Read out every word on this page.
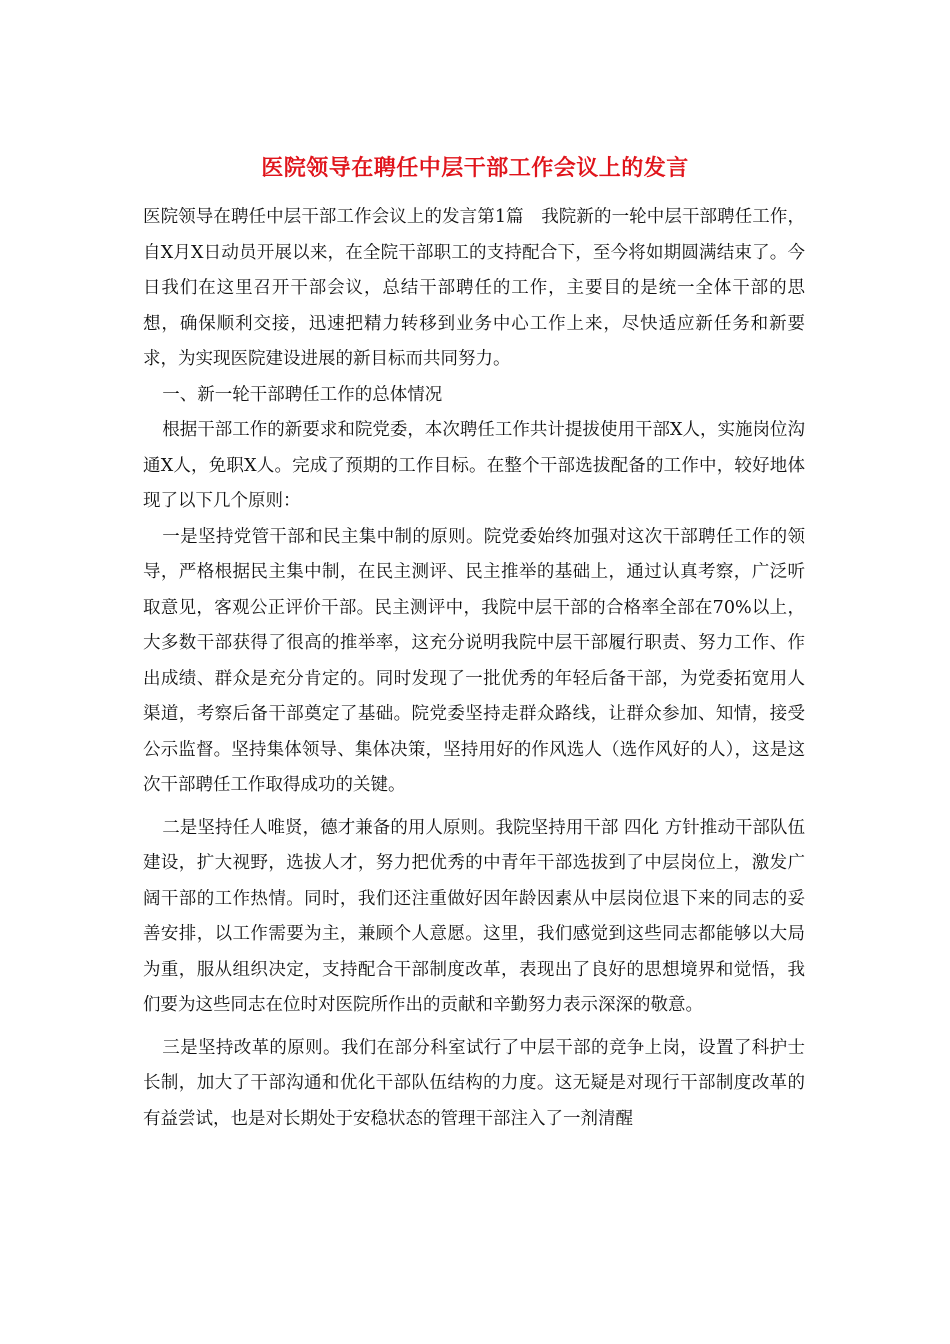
医院领导在聘任中层干部工作会议上的发言

医院领导在聘任中层干部工作会议上的发言第1篇　我院新的一轮中层干部聘任工作，自X月X日动员开展以来，在全院干部职工的支持配合下，至今将如期圆满结束了。今日我们在这里召开干部会议，总结干部聘任的工作，主要目的是统一全体干部的思想，确保顺利交接，迅速把精力转移到业务中心工作上来，尽快适应新任务和新要求，为实现医院建设进展的新目标而共同努力。

一、新一轮干部聘任工作的总体情况

根据干部工作的新要求和院党委，本次聘任工作共计提拔使用干部X人，实施岗位沟通X人，免职X人。完成了预期的工作目标。在整个干部选拔配备的工作中，较好地体现了以下几个原则：

一是坚持党管干部和民主集中制的原则。院党委始终加强对这次干部聘任工作的领导，严格根据民主集中制，在民主测评、民主推举的基础上，通过认真考察，广泛听取意见，客观公正评价干部。民主测评中，我院中层干部的合格率全部在70%以上，大多数干部获得了很高的推举率，这充分说明我院中层干部履行职责、努力工作、作出成绩、群众是充分肯定的。同时发现了一批优秀的年轻后备干部，为党委拓宽用人渠道，考察后备干部奠定了基础。院党委坚持走群众路线，让群众参加、知情，接受公示监督。坚持集体领导、集体决策，坚持用好的作风选人（选作风好的人），这是这次干部聘任工作取得成功的关键。

二是坚持任人唯贤，德才兼备的用人原则。我院坚持用干部 四化 方针推动干部队伍建设，扩大视野，选拔人才，努力把优秀的中青年干部选拔到了中层岗位上，激发广阔干部的工作热情。同时，我们还注重做好因年龄因素从中层岗位退下来的同志的妥善安排，以工作需要为主，兼顾个人意愿。这里，我们感觉到这些同志都能够以大局为重，服从组织决定，支持配合干部制度改革，表现出了良好的思想境界和觉悟，我们要为这些同志在位时对医院所作出的贡献和辛勤努力表示深深的敬意。

三是坚持改革的原则。我们在部分科室试行了中层干部的竞争上岗，设置了科护士长制，加大了干部沟通和优化干部队伍结构的力度。这无疑是对现行干部制度改革的有益尝试，也是对长期处于安稳状态的管理干部注入了一剂清醒
